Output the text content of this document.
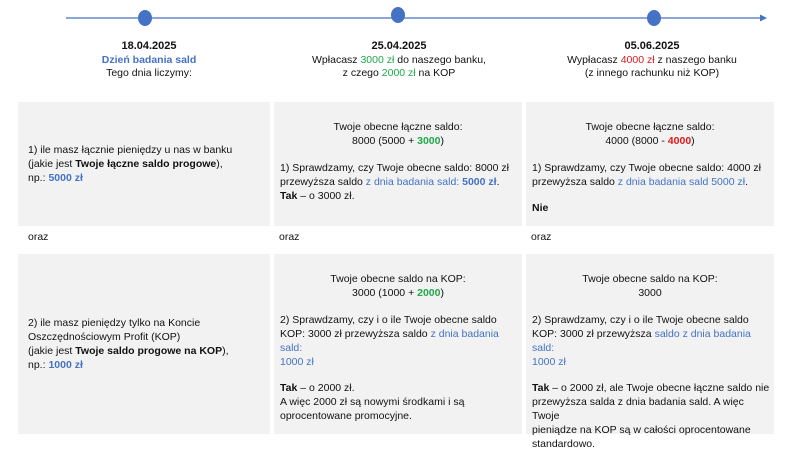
18.04.2025
Dzień badania sald
Tego dnia liczymy:
25.04.2025
Wpłacasz 3000 zł do naszego banku,
z czego 2000 zł na KOP
05.06.2025
Wypłacasz 4000 zł z naszego banku
(z innego rachunku niż KOP)
1) ile masz łącznie pieniędzy u nas w banku
(jakie jest Twoje łączne saldo progowe),
np.: 5000 zł
Twoje obecne łączne saldo:
8000 (5000 + 3000)
1) Sprawdzamy, czy Twoje obecne saldo: 8000 zł
przewyższa saldo z dnia badania sald: 5000 zł.
Tak – o 3000 zł.
Twoje obecne łączne saldo:
4000 (8000 - 4000)
1) Sprawdzamy, czy Twoje obecne saldo: 4000 zł
przewyższa saldo z dnia badania sald 5000 zł.
Nie
oraz	oraz	oraz
2) ile masz pieniędzy tylko na Koncie
Oszczędnościowym Profit (KOP)
(jakie jest Twoje saldo progowe na KOP),
np.: 1000 zł
Twoje obecne saldo na KOP:
3000 (1000 + 2000)
2) Sprawdzamy, czy i o ile Twoje obecne saldo
KOP: 3000 zł przewyższa saldo z dnia badania sald:
1000 zł
Tak – o 2000 zł.
A więc 2000 zł są nowymi środkami i są
oprocentowane promocyjne.
Twoje obecne saldo na KOP:
3000
2) Sprawdzamy, czy i o ile Twoje obecne saldo
KOP: 3000 zł przewyższa saldo z dnia badania sald:
1000 zł
Tak – o 2000 zł, ale Twoje obecne łączne saldo nie
przewyższa salda z dnia badania sald. A więc Twoje
pieniądze na KOP są w całości oprocentowane
standardowo.
